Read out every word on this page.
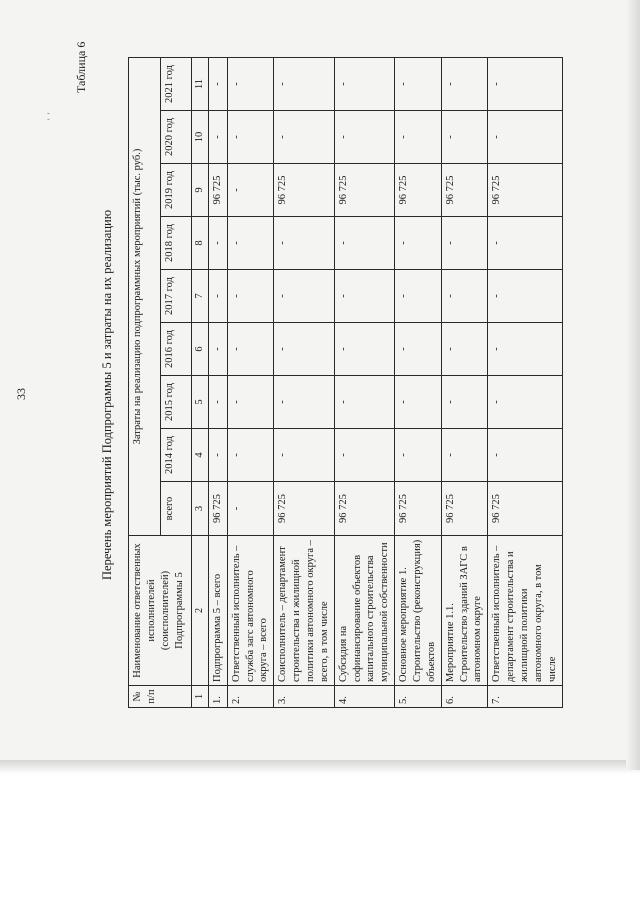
33
' '
Таблица 6
Перечень мероприятий Подпрограммы 5 и затраты на их реализацию
№ п/п	Наименование ответственных исполнителей (соисполнителей) Подпрограммы 5	Затраты на реализацию подпрограммных мероприятий (тыс. руб.)								
		всего	2014 год	2015 год	2016 год	2017 год	2018 год	2019 год	2020 год	2021 год
1	2	3	4	5	6	7	8	9	10	11
1.	Подпрограмма 5 – всего	96 725	-	-	-	-	-	96 725	-	-
2.	Ответственный исполнитель – служба загс автономного округа – всего	-	-	-	-	-	-	-	-	-
3.	Соисполнитель – департамент строительства и жилищной политики автономного округа – всего, в том числе	96 725	-	-	-	-	-	96 725	-	-
4.	Субсидия на софинансирование объектов капитального строительства муниципальной собственности	96 725	-	-	-	-	-	96 725	-	-
5.	Основное мероприятие 1. Строительство (реконструкция) объектов	96 725	-	-	-	-	-	96 725	-	-
6.	Мероприятие 1.1. Строительство зданий ЗАГС в автономном округе	96 725	-	-	-	-	-	96 725	-	-
7.	Ответственный исполнитель – департамент строительства и жилищной политики автономного округа, в том числе	96 725	-	-	-	-	-	96 725	-	-
